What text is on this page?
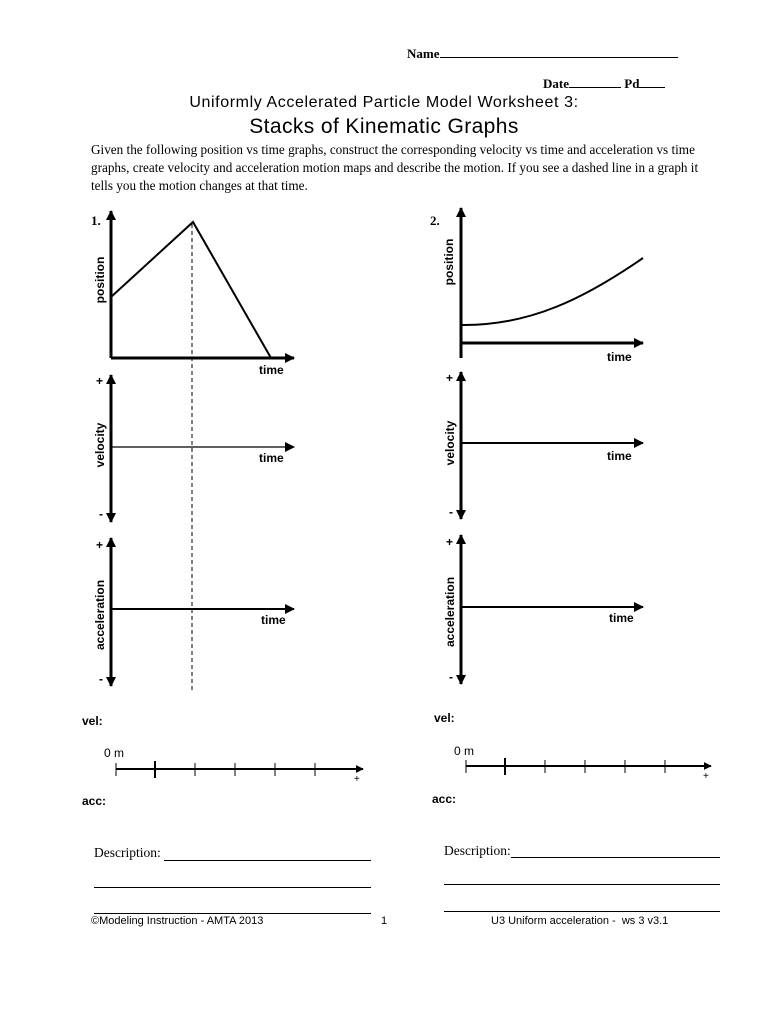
Name
Date	Pd
Uniformly Accelerated Particle Model Worksheet 3:
Stacks of Kinematic Graphs
Given the following position vs time graphs, construct the corresponding velocity vs time and acceleration vs time graphs, create velocity and acceleration motion maps and describe the motion. If you see a dashed line in a graph it tells you the motion changes at that time.
1.
position
time
+
-
velocity	time
+
-
acceleration	time
vel:
0 m
+
acc:
2.
position
time
+
-
velocity	time
+
-
acceleration	time
vel:
0 m
+
acc:
Description:	Description:
©Modeling Instruction - AMTA 2013	1	U3 Uniform acceleration -  ws 3 v3.1
